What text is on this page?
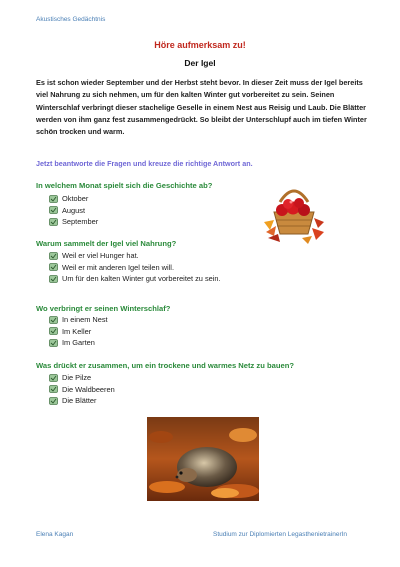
Akustisches Gedächtnis
Höre aufmerksam zu!
Der Igel

Es ist schon wieder September und der Herbst steht bevor. In dieser Zeit muss der Igel bereits viel Nahrung zu sich nehmen, um für den kalten Winter gut vorbereitet zu sein. Seinen Winterschlaf verbringt dieser stachelige Geselle in einem Nest aus Reisig und Laub. Die Blätter werden von ihm ganz fest zusammengedrückt. So bleibt der Unterschlupf auch im tiefen Winter schön trocken und warm.

Jetzt beantworte die Fragen und kreuze die richtige Antwort an.
In welchem Monat spielt sich die Geschichte ab?
Oktober
August
September
Warum sammelt der Igel viel Nahrung?
Weil er viel Hunger hat.
Weil er mit anderen Igel teilen will.
Um für den kalten Winter gut vorbereitet zu sein.
Wo verbringt er seinen Winterschlaf?
In einem Nest
Im Keller
Im Garten
Was drückt er zusammen, um ein trockene und warmes Netz zu bauen?
Die Pilze
Die Waldbeeren
Die Blätter
Elena Kagan	Studium zur Diplomierten LegasthenietrainerIn
